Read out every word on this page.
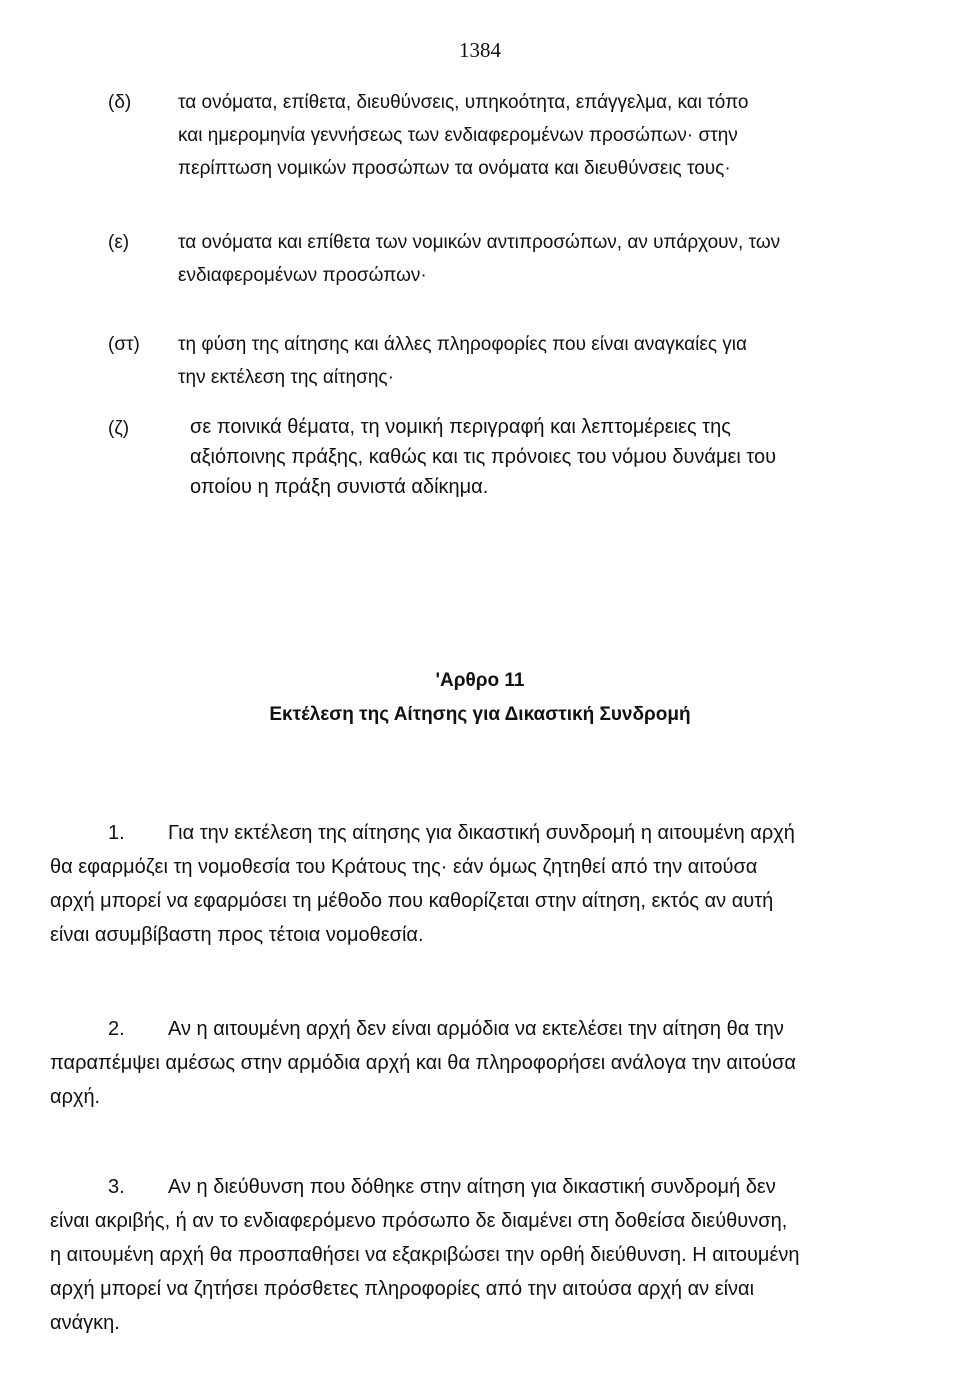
1384
(δ) τα ονόματα, επίθετα, διευθύνσεις, υπηκοότητα, επάγγελμα, και τόπο
και ημερομηνία γεννήσεως των ενδιαφερομένων προσώπων· στην
περίπτωση νομικών προσώπων τα ονόματα και διευθύνσεις τους·
(ε)	τα ονόματα και επίθετα των νομικών αντιπροσώπων, αν υπάρχουν, των
ενδιαφερομένων προσώπων·
(στ) τη φύση της αίτησης και άλλες πληροφορίες που είναι αναγκαίες για
την εκτέλεση της αίτησης·
(ζ)	σε ποινικά θέματα, τη νομική περιγραφή και λεπτομέρειες της
αξιόποινης πράξης, καθώς και τις πρόνοιες του νόμου δυνάμει του
οποίου η πράξη συνιστά αδίκημα.
'Αρθρο 11
Εκτέλεση της Αίτησης για Δικαστική Συνδρομή
1. Για την εκτέλεση της αίτησης για δικαστική συνδρομή η αιτουμένη αρχή
θα εφαρμόζει τη νομοθεσία του Κράτους της· εάν όμως ζητηθεί από την αιτούσα
αρχή μπορεί να εφαρμόσει τη μέθοδο που καθορίζεται στην αίτηση, εκτός αν αυτή
είναι ασυμβίβαστη προς τέτοια νομοθεσία.
2. Αν η αιτουμένη αρχή δεν είναι αρμόδια να εκτελέσει την αίτηση θα την
παραπέμψει αμέσως στην αρμόδια αρχή και θα πληροφορήσει ανάλογα την αιτούσα
αρχή.
3. Αν η διεύθυνση που δόθηκε στην αίτηση για δικαστική συνδρομή δεν
είναι ακριβής, ή αν το ενδιαφερόμενο πρόσωπο δε διαμένει στη δοθείσα διεύθυνση,
η αιτουμένη αρχή θα προσπαθήσει να εξακριβώσει την ορθή διεύθυνση. Η αιτουμένη
αρχή μπορεί να ζητήσει πρόσθετες πληροφορίες από την αιτούσα αρχή αν είναι
ανάγκη.
